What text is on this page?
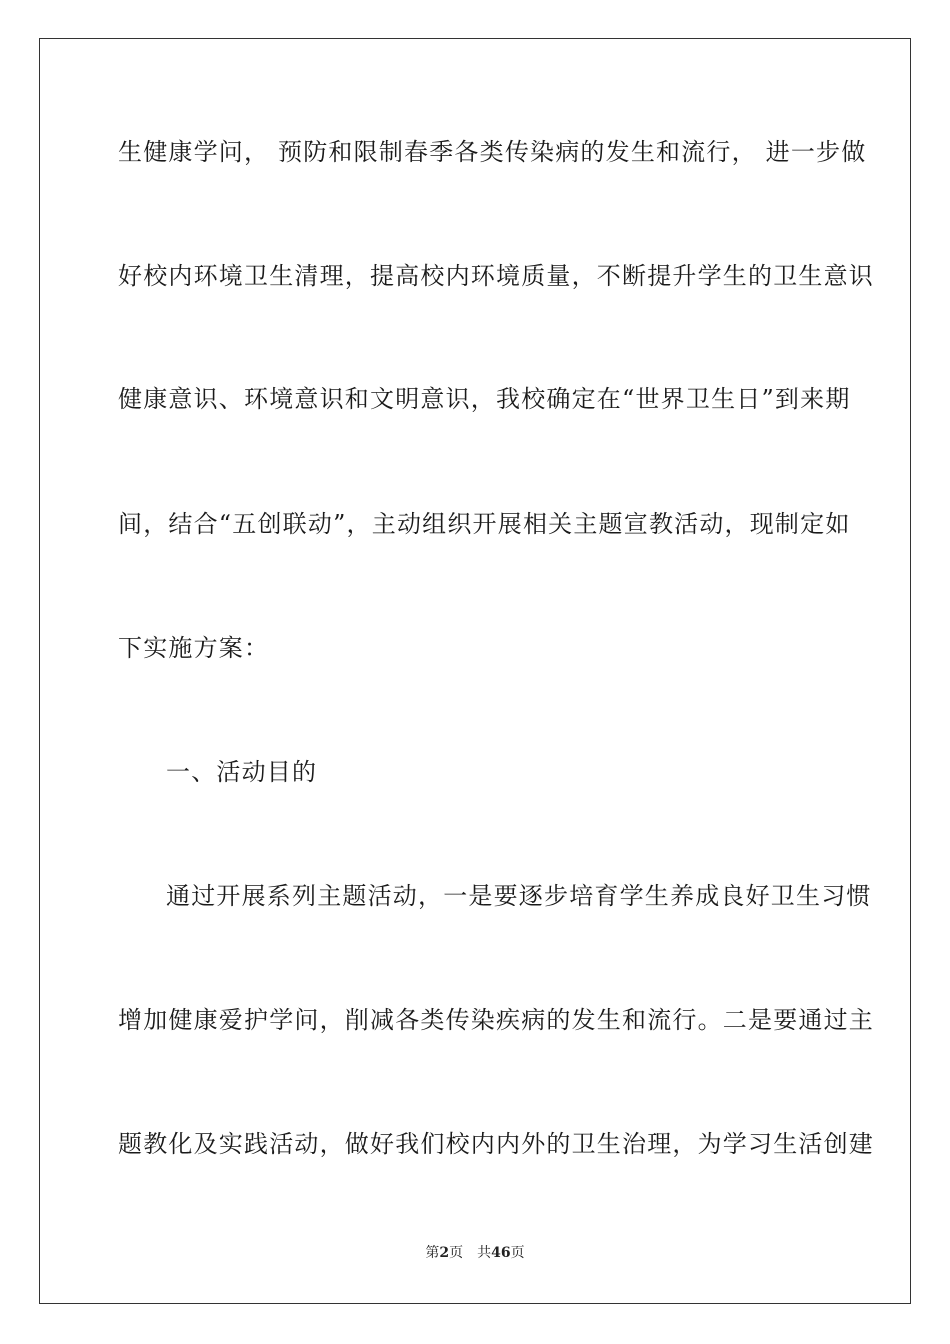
生健康学问， 预防和限制春季各类传染病的发生和流行， 进一步做
好校内环境卫生清理，提高校内环境质量，不断提升学生的卫生意识
健康意识、环境意识和文明意识，我校确定在“世界卫生日”到来期
间，结合“五创联动”，主动组织开展相关主题宣教活动，现制定如
下实施方案：
一、活动目的
通过开展系列主题活动，一是要逐步培育学生养成良好卫生习惯
增加健康爱护学问，削减各类传染疾病的发生和流行。二是要通过主
题教化及实践活动，做好我们校内内外的卫生治理，为学习生活创建
第2页 共46页
